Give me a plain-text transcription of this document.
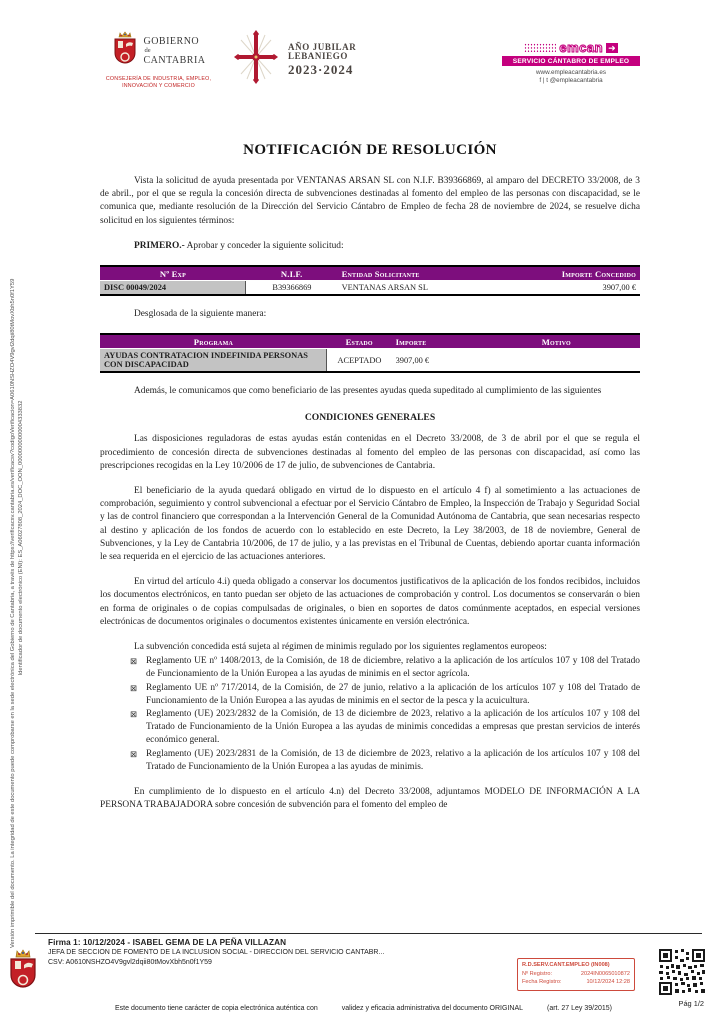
Versión imprimible del documento. La integridad de este documento puede comprobarse en la sede electrónica del Gobierno de Cantabria, a través de https://verificacsv.cantabria.es/verificacsv?codigoVerificacion=A0610NSHZO4V9gvl2dqii80tMovXbh5n0f1Y59 Identificador de documento electrónico (ENI): ES_A06027808_2024_DOC_OON_00000000000004333832
GOBIERNO
de
CANTABRIA
CONSEJERÍA DE INDUSTRIA, EMPLEO,
INNOVACIÓN Y COMERCIO
AÑO JUBILAR
LEBANIEGO
2023·2024
emcan ➜
SERVICIO CÁNTABRO DE EMPLEO
www.empleacantabria.es
f | t @empleacantabria
NOTIFICACIÓN DE RESOLUCIÓN

Vista la solicitud de ayuda presentada por VENTANAS ARSAN SL con N.I.F. B39366869, al amparo del DECRETO 33/2008, de 3 de abril., por el que se regula la concesión directa de subvenciones destinadas al fomento del empleo de las personas con discapacidad, se le comunica que, mediante resolución de la Dirección del Servicio Cántabro de Empleo de fecha 28 de noviembre de 2024, se resuelve dicha solicitud en los siguientes términos:

PRIMERO.- Aprobar y conceder la siguiente solicitud:

Nº Exp	N.I.F.	Entidad Solicitante	Importe Concedido
DISC 00049/2024	B39366869	VENTANAS ARSAN SL	3907,00 €

Desglosada de la siguiente manera:

Programa	Estado	Importe	Motivo
AYUDAS CONTRATACION INDEFINIDA PERSONAS CON DISCAPACIDAD	ACEPTADO	3907,00 €	

Además, le comunicamos que como beneficiario de las presentes ayudas queda supeditado al cumplimiento de las siguientes

CONDICIONES GENERALES

Las disposiciones reguladoras de estas ayudas están contenidas en el Decreto 33/2008, de 3 de abril por el que se regula el procedimiento de concesión directa de subvenciones destinadas al fomento del empleo de las personas con discapacidad, así como las prescripciones recogidas en la Ley 10/2006 de 17 de julio, de subvenciones de Cantabria.

El beneficiario de la ayuda quedará obligado en virtud de lo dispuesto en el artículo 4 f) al sometimiento a las actuaciones de comprobación, seguimiento y control subvencional a efectuar por el Servicio Cántabro de Empleo, la Inspección de Trabajo y Seguridad Social y las de control financiero que correspondan a la Intervención General de la Comunidad Autónoma de Cantabria, que sean necesarias respecto al destino y aplicación de los fondos de acuerdo con lo establecido en este Decreto, la Ley 38/2003, de 18 de noviembre, General de Subvenciones, y la Ley de Cantabria 10/2006, de 17 de julio, y a las previstas en el Tribunal de Cuentas, debiendo aportar cuanta información le sea requerida en el ejercicio de las actuaciones anteriores.

En virtud del artículo 4.i) queda obligado a conservar los documentos justificativos de la aplicación de los fondos recibidos, incluidos los documentos electrónicos, en tanto puedan ser objeto de las actuaciones de comprobación y control. Los documentos se conservarán o bien en forma de originales o de copias compulsadas de originales, o bien en soportes de datos comúnmente aceptados, en especial versiones electrónicas de documentos originales o documentos existentes únicamente en versión electrónica.

La subvención concedida está sujeta al régimen de minimis regulado por los siguientes reglamentos europeos:

⊠ Reglamento UE nº 1408/2013, de la Comisión, de 18 de diciembre, relativo a la aplicación de los artículos 107 y 108 del Tratado de Funcionamiento de la Unión Europea a las ayudas de minimis en el sector agrícola.
⊠ Reglamento UE nº 717/2014, de la Comisión, de 27 de junio, relativo a la aplicación de los artículos 107 y 108 del Tratado de Funcionamiento de la Unión Europea a las ayudas de minimis en el sector de la pesca y la acuicultura.
⊠ Reglamento (UE) 2023/2832 de la Comisión, de 13 de diciembre de 2023, relativo a la aplicación de los artículos 107 y 108 del Tratado de Funcionamiento de la Unión Europea a las ayudas de minimis concedidas a empresas que prestan servicios de interés económico general.
⊠ Reglamento (UE) 2023/2831 de la Comisión, de 13 de diciembre de 2023, relativo a la aplicación de los artículos 107 y 108 del Tratado de Funcionamiento de la Unión Europea a las ayudas de minimis.

En cumplimiento de lo dispuesto en el artículo 4.n) del Decreto 33/2008, adjuntamos MODELO DE INFORMACIÓN A LA PERSONA TRABAJADORA sobre concesión de subvención para el fomento del empleo de

Firma 1: 10/12/2024 - ISABEL GEMA DE LA PEÑA VILLAZAN
JEFA DE SECCION DE FOMENTO DE LA INCLUSION SOCIAL - DIRECCION DEL SERVICIO CANTABR...
CSV: A0610NSHZO4V9gvl2dqii80tMovXbh5n0f1Y59	R.D.SERV.CANT.EMPLEO (IN008)
Nº Registro:	2024IN0065010872
Fecha Registro:	10/12/2024 12:28
Pág 1/2
Este documento tiene carácter de copia electrónica auténtica con	validez y eficacia administrativa del documento ORIGINAL	(art. 27 Ley 39/2015)
